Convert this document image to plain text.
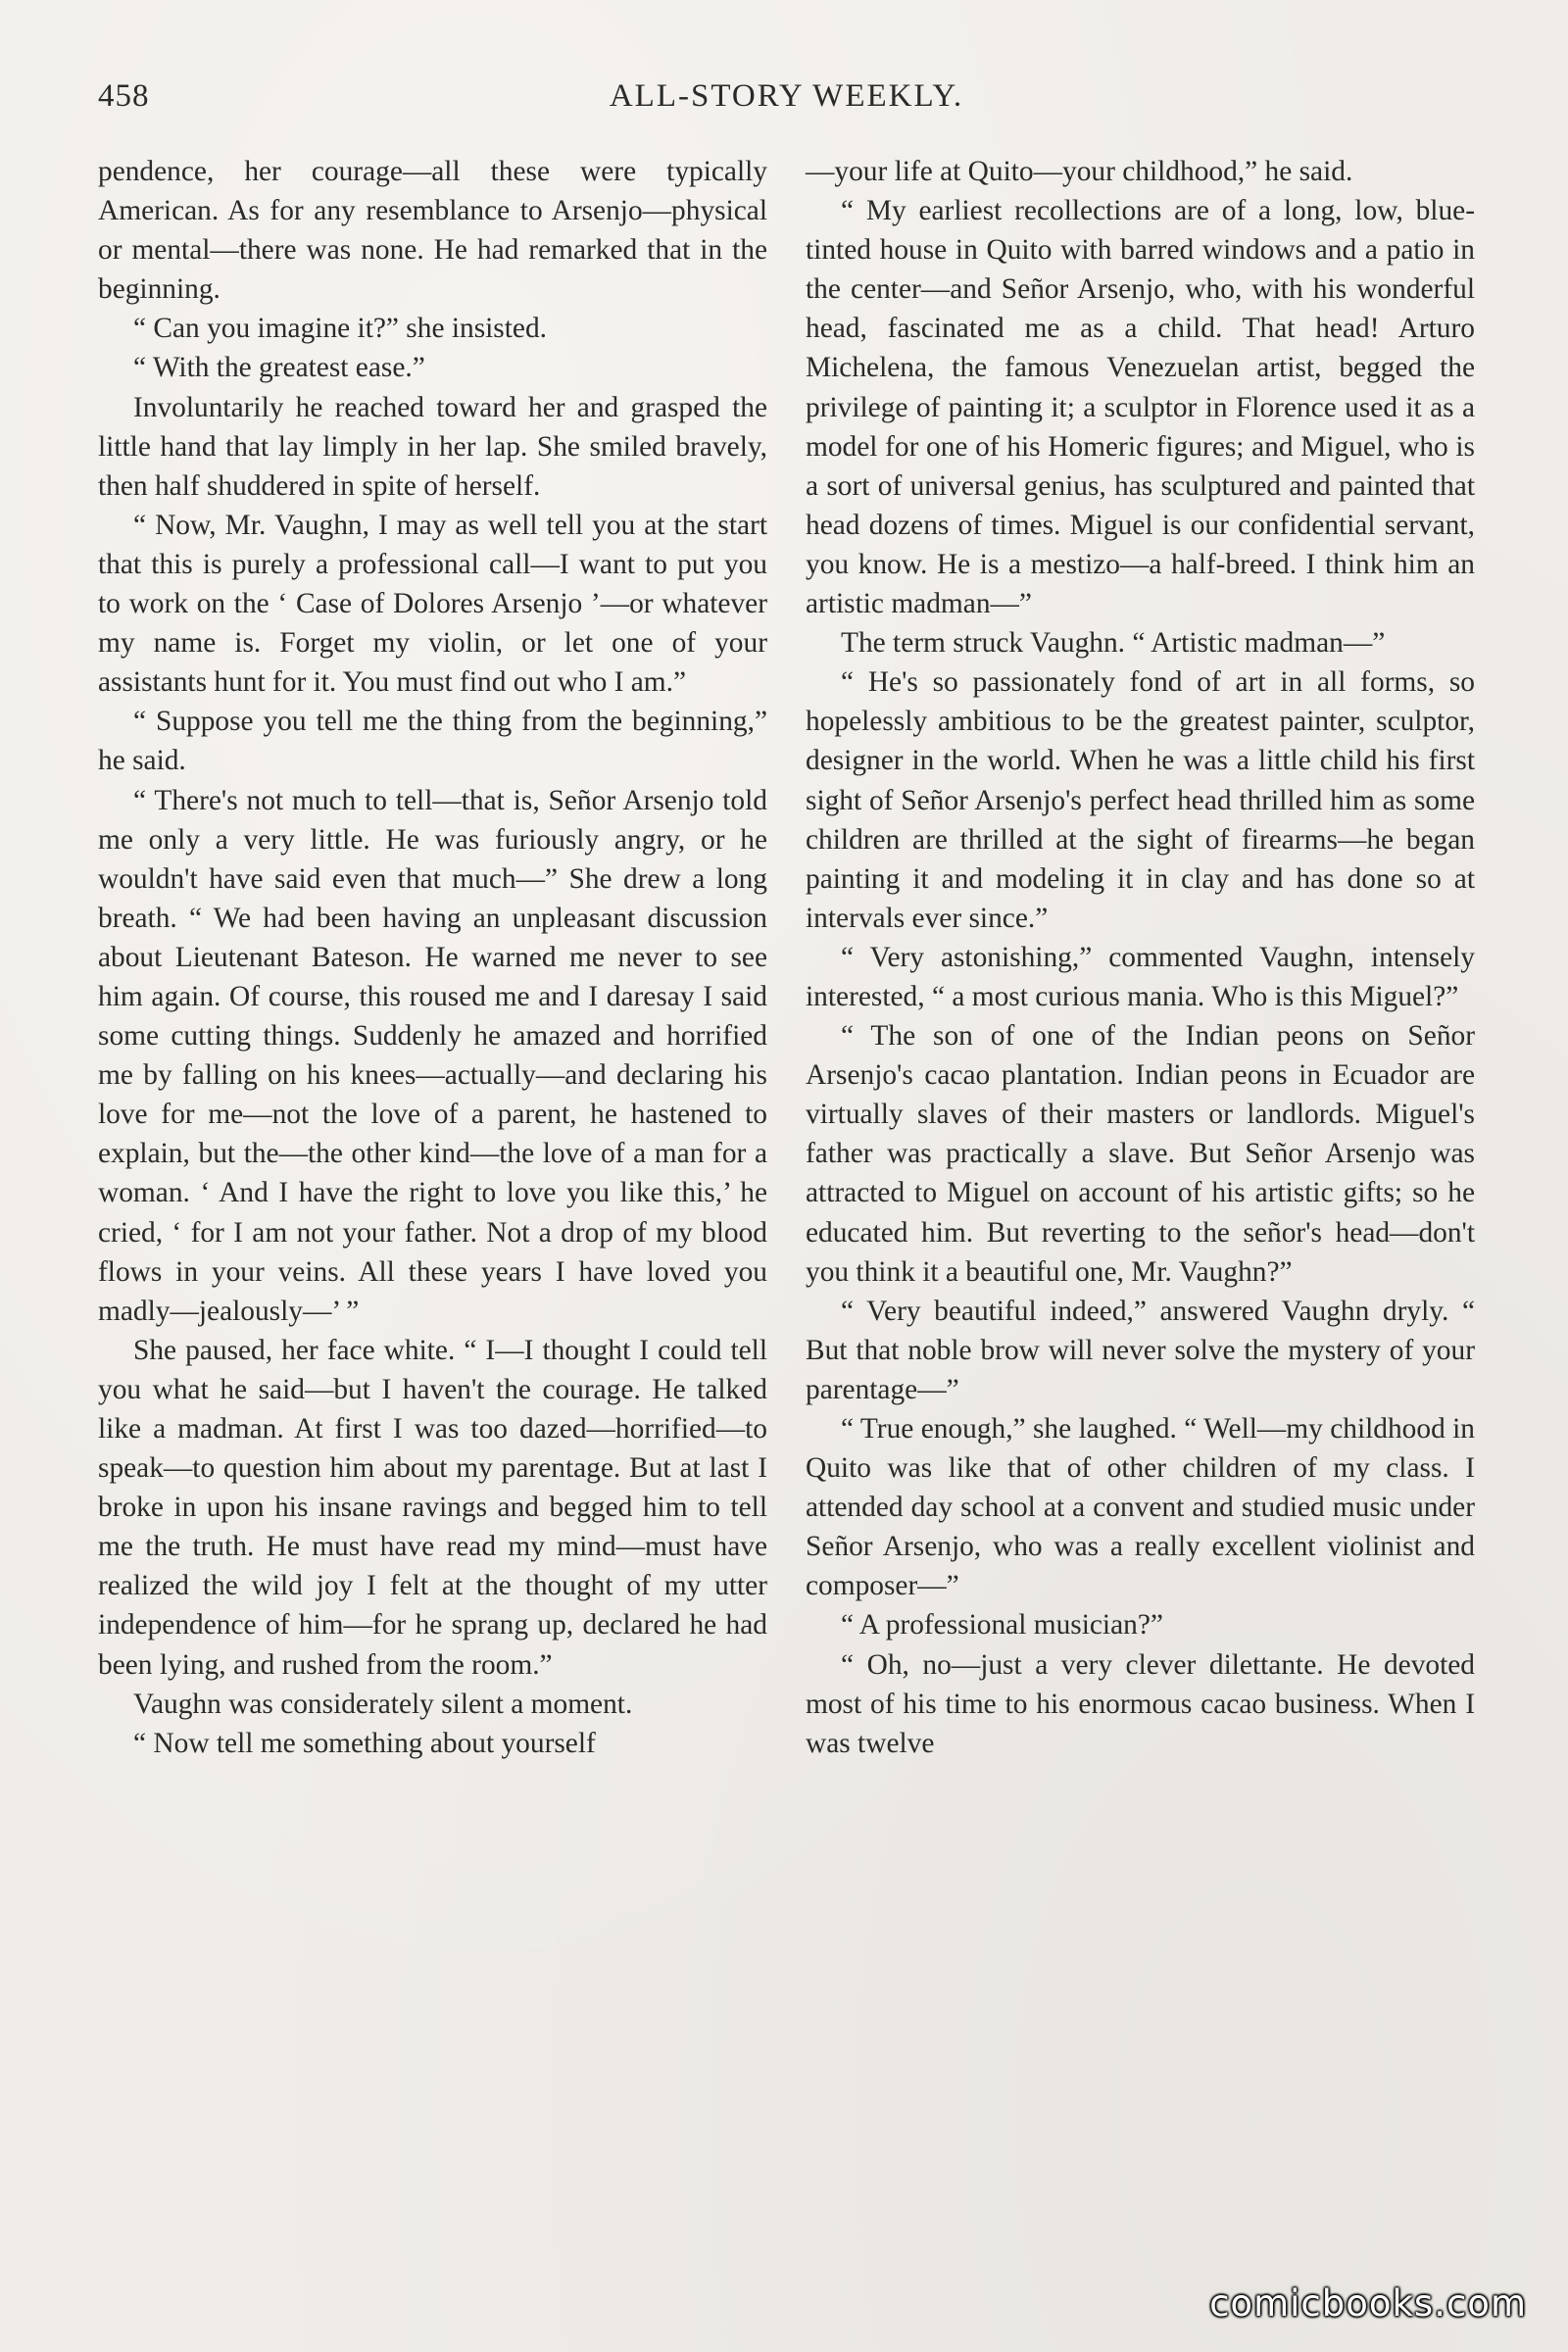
458	ALL-STORY WEEKLY.

pendence, her courage—all these were typically American. As for any resemblance to Arsenjo—physical or mental—there was none. He had remarked that in the beginning.

“ Can you imagine it?” she insisted.

“ With the greatest ease.”

Involuntarily he reached toward her and grasped the little hand that lay limply in her lap. She smiled bravely, then half shuddered in spite of herself.

“ Now, Mr. Vaughn, I may as well tell you at the start that this is purely a professional call—I want to put you to work on the ‘ Case of Dolores Arsenjo ’—or whatever my name is. Forget my violin, or let one of your assistants hunt for it. You must find out who I am.”

“ Suppose you tell me the thing from the beginning,” he said.

“ There's not much to tell—that is, Señor Arsenjo told me only a very little. He was furiously angry, or he wouldn't have said even that much—” She drew a long breath. “ We had been having an unpleasant discussion about Lieutenant Bateson. He warned me never to see him again. Of course, this roused me and I daresay I said some cutting things. Suddenly he amazed and horrified me by falling on his knees—actually—and declaring his love for me—not the love of a parent, he hastened to explain, but the—the other kind—the love of a man for a woman. ‘ And I have the right to love you like this,’ he cried, ‘ for I am not your father. Not a drop of my blood flows in your veins. All these years I have loved you madly—jealously—’ ”

She paused, her face white. “ I—I thought I could tell you what he said—but I haven't the courage. He talked like a madman. At first I was too dazed—horrified—to speak—to question him about my parentage. But at last I broke in upon his insane ravings and begged him to tell me the truth. He must have read my mind—must have realized the wild joy I felt at the thought of my utter independence of him—for he sprang up, declared he had been lying, and rushed from the room.”

Vaughn was considerately silent a moment.

“ Now tell me something about yourself

—your life at Quito—your childhood,” he said.

“ My earliest recollections are of a long, low, blue-tinted house in Quito with barred windows and a patio in the center—and Señor Arsenjo, who, with his wonderful head, fascinated me as a child. That head! Arturo Michelena, the famous Venezuelan artist, begged the privilege of painting it; a sculptor in Florence used it as a model for one of his Homeric figures; and Miguel, who is a sort of universal genius, has sculptured and painted that head dozens of times. Miguel is our confidential servant, you know. He is a mestizo—a half-breed. I think him an artistic madman—”

The term struck Vaughn. “ Artistic madman—”

“ He's so passionately fond of art in all forms, so hopelessly ambitious to be the greatest painter, sculptor, designer in the world. When he was a little child his first sight of Señor Arsenjo's perfect head thrilled him as some children are thrilled at the sight of firearms—he began painting it and modeling it in clay and has done so at intervals ever since.”

“ Very astonishing,” commented Vaughn, intensely interested, “ a most curious mania. Who is this Miguel?”

“ The son of one of the Indian peons on Señor Arsenjo's cacao plantation. Indian peons in Ecuador are virtually slaves of their masters or landlords. Miguel's father was practically a slave. But Señor Arsenjo was attracted to Miguel on account of his artistic gifts; so he educated him. But reverting to the señor's head—don't you think it a beautiful one, Mr. Vaughn?”

“ Very beautiful indeed,” answered Vaughn dryly. “ But that noble brow will never solve the mystery of your parentage—”

“ True enough,” she laughed. “ Well—my childhood in Quito was like that of other children of my class. I attended day school at a convent and studied music under Señor Arsenjo, who was a really excellent violinist and composer—”

“ A professional musician?”

“ Oh, no—just a very clever dilettante. He devoted most of his time to his enormous cacao business. When I was twelve

comicbooks.com
